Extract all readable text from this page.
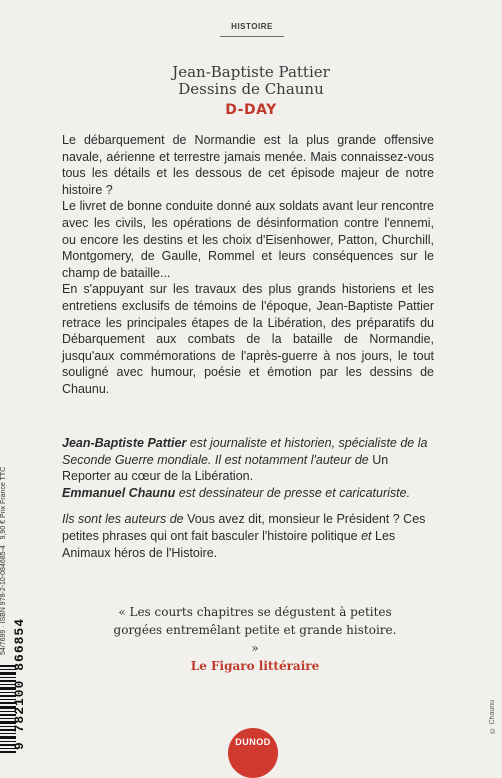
HISTOIRE
Jean-Baptiste Pattier
Dessins de Chaunu
D-DAY

Le débarquement de Normandie est la plus grande offensive navale, aérienne et terrestre jamais menée. Mais connaissez-vous tous les détails et les dessous de cet épisode majeur de notre histoire ?

Le livret de bonne conduite donné aux soldats avant leur rencontre avec les civils, les opérations de désinformation contre l'ennemi, ou encore les destins et les choix d'Eisenhower, Patton, Churchill, Montgomery, de Gaulle, Rommel et leurs conséquences sur le champ de bataille...

En s'appuyant sur les travaux des plus grands historiens et les entretiens exclusifs de témoins de l'époque, Jean-Baptiste Pattier retrace les principales étapes de la Libération, des préparatifs du Débarquement aux combats de la bataille de Normandie, jusqu'aux commémorations de l'après-guerre à nos jours, le tout souligné avec humour, poésie et émotion par les dessins de Chaunu.

Jean-Baptiste Pattier est journaliste et historien, spécialiste de la Seconde Guerre mondiale. Il est notamment l'auteur de Un Reporter au cœur de la Libération.

Emmanuel Chaunu est dessinateur de presse et caricaturiste.

Ils sont les auteurs de Vous avez dit, monsieur le Président ? Ces petites phrases qui ont fait basculer l'histoire politique et Les Animaux héros de l'Histoire.

« Les courts chapitres se dégustent à petites gorgées entremêlant petite et grande histoire. »
Le Figaro littéraire
54/7699 · ISBN 978-2-10-084685-4   9,90 € Prix France TTC
9 782100 866854	© Chaunu
DUNOD
